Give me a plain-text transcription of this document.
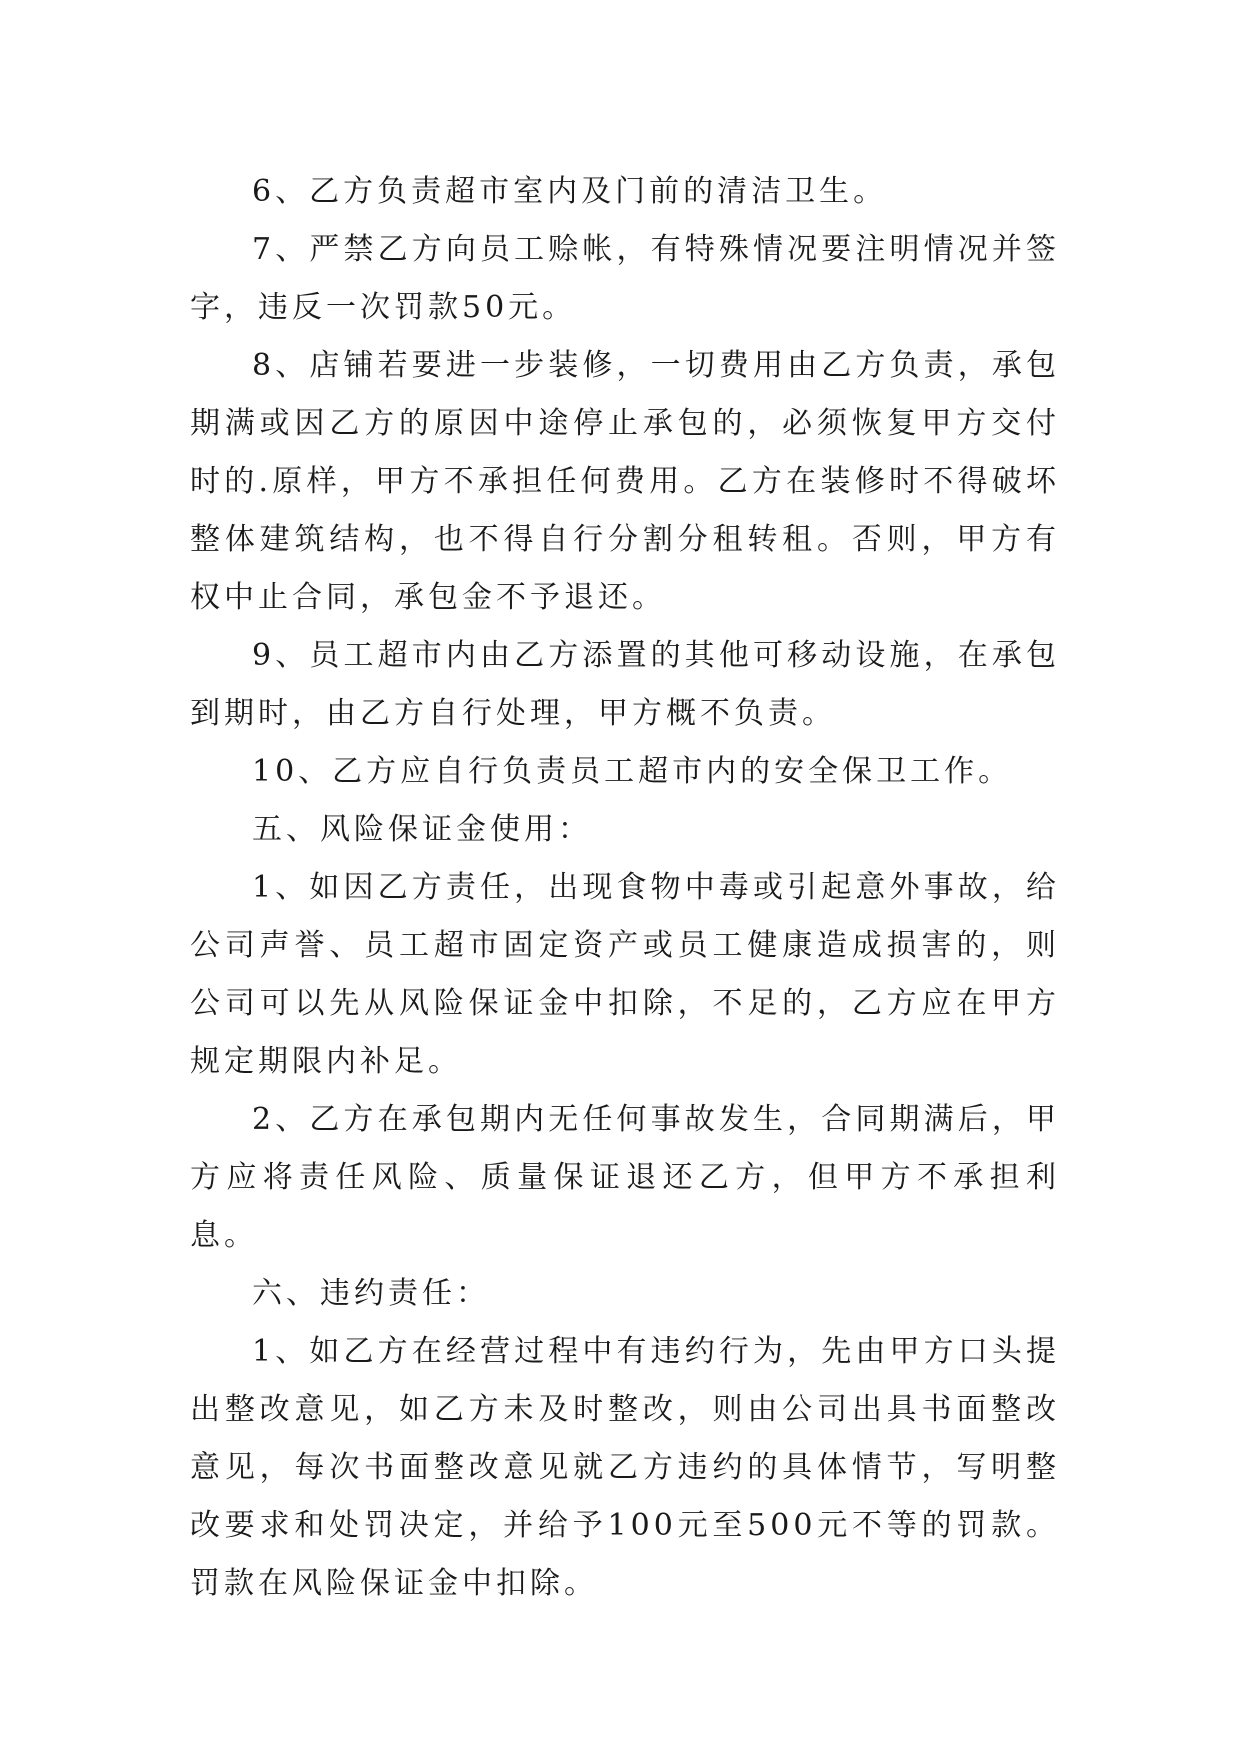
6、乙方负责超市室内及门前的清洁卫生。

7、严禁乙方向员工赊帐，有特殊情况要注明情况并签字，违反一次罚款50元。

8、店铺若要进一步装修，一切费用由乙方负责，承包期满或因乙方的原因中途停止承包的，必须恢复甲方交付时的.原样，甲方不承担任何费用。乙方在装修时不得破坏整体建筑结构，也不得自行分割分租转租。否则，甲方有权中止合同，承包金不予退还。

9、员工超市内由乙方添置的其他可移动设施，在承包到期时，由乙方自行处理，甲方概不负责。

10、乙方应自行负责员工超市内的安全保卫工作。

五、风险保证金使用：

1、如因乙方责任，出现食物中毒或引起意外事故，给公司声誉、员工超市固定资产或员工健康造成损害的，则公司可以先从风险保证金中扣除，不足的，乙方应在甲方规定期限内补足。

2、乙方在承包期内无任何事故发生，合同期满后，甲方应将责任风险、质量保证退还乙方，但甲方不承担利息。

六、违约责任：

1、如乙方在经营过程中有违约行为，先由甲方口头提出整改意见，如乙方未及时整改，则由公司出具书面整改意见，每次书面整改意见就乙方违约的具体情节，写明整改要求和处罚决定，并给予100元至500元不等的罚款。罚款在风险保证金中扣除。
